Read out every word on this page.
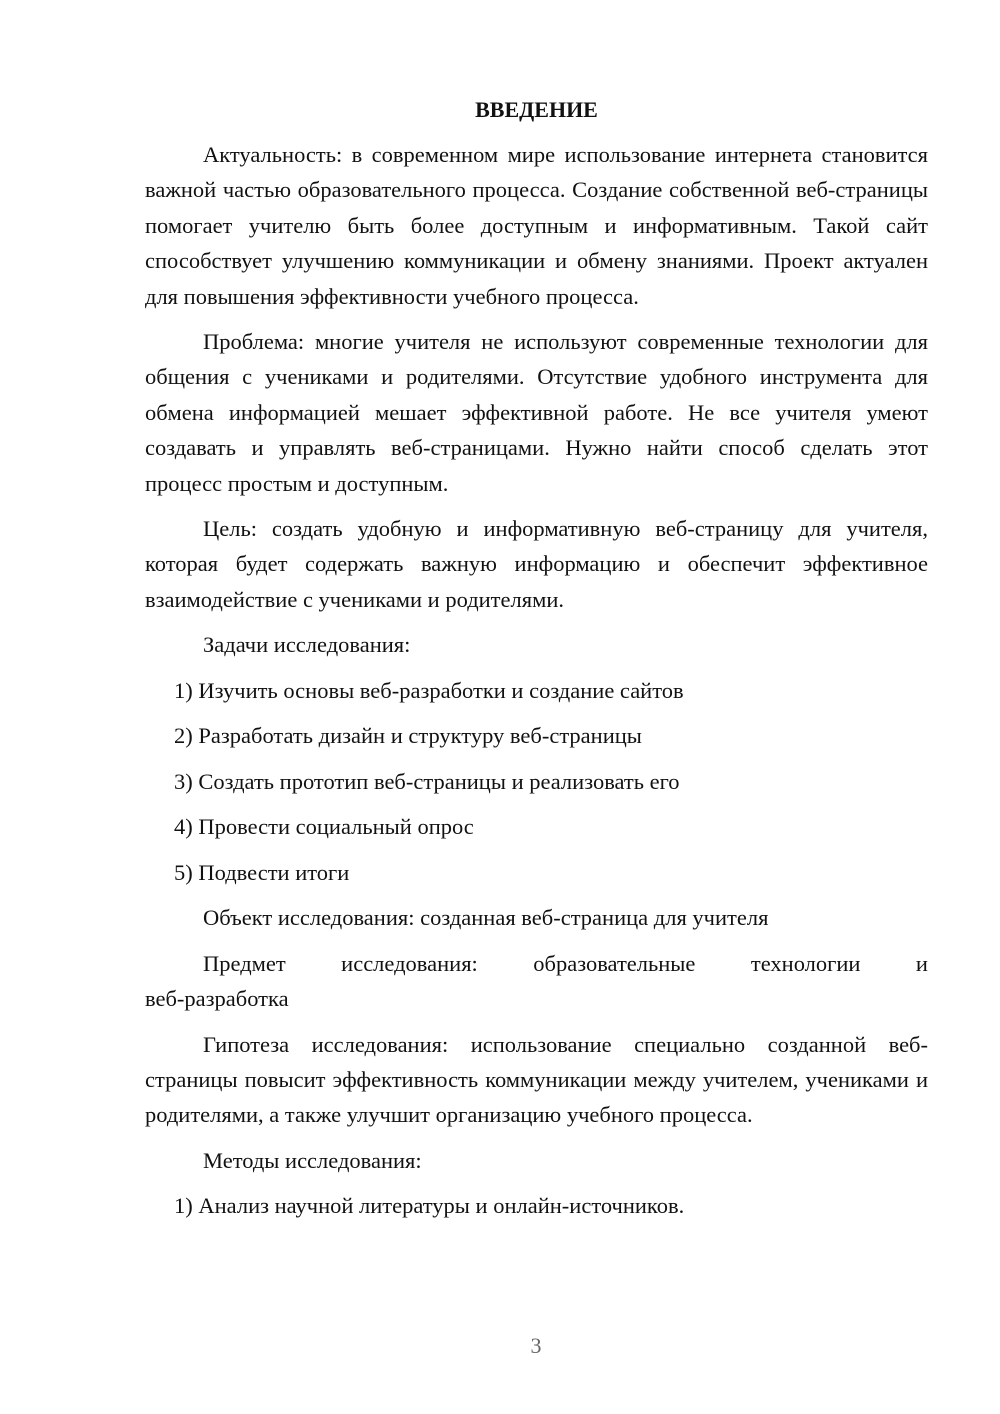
ВВЕДЕНИЕ

Актуальность: в современном мире использование интернета становится важной частью образовательного процесса. Создание собственной веб-страницы помогает учителю быть более доступным и информативным. Такой сайт способствует улучшению коммуникации и обмену знаниями. Проект актуален для повышения эффективности учебного процесса.

Проблема: многие учителя не используют современные технологии для общения с учениками и родителями. Отсутствие удобного инструмента для обмена информацией мешает эффективной работе. Не все учителя умеют создавать и управлять веб-страницами. Нужно найти способ сделать этот процесс простым и доступным.

Цель: создать удобную и информативную веб-страницу для учителя, которая будет содержать важную информацию и обеспечит эффективное взаимодействие с учениками и родителями.

Задачи исследования:

1) Изучить основы веб-разработки и создание сайтов

2) Разработать дизайн и структуру веб-страницы

3) Создать прототип веб-страницы и реализовать его

4) Провести социальный опрос

5) Подвести итоги

Объект исследования: созданная веб-страница для учителя

Предмет исследования: образовательные технологии и
веб-разработка

Гипотеза исследования: использование специально созданной веб-страницы повысит эффективность коммуникации между учителем, учениками и родителями, а также улучшит организацию учебного процесса.

Методы исследования:

1) Анализ научной литературы и онлайн-источников.

3
